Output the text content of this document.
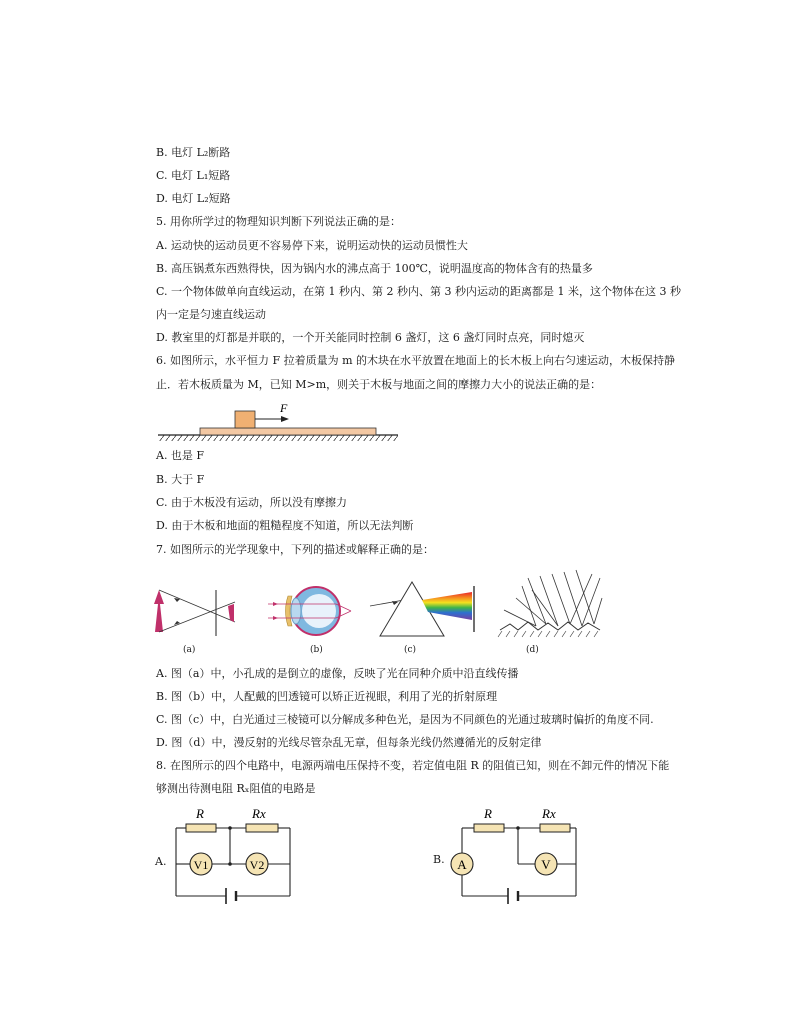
B. 电灯 L₂断路
C. 电灯 L₁短路
D. 电灯 L₂短路
5. 用你所学过的物理知识判断下列说法正确的是：
A. 运动快的运动员更不容易停下来，说明运动快的运动员惯性大
B. 高压锅煮东西熟得快，因为锅内水的沸点高于 100℃，说明温度高的物体含有的热量多
C. 一个物体做单向直线运动，在第 1 秒内、第 2 秒内、第 3 秒内运动的距离都是 1 米，这个物体在这 3 秒
内一定是匀速直线运动
D. 教室里的灯都是并联的，一个开关能同时控制 6 盏灯，这 6 盏灯同时点亮，同时熄灭
6. 如图所示，水平恒力 F 拉着质量为 m 的木块在水平放置在地面上的长木板上向右匀速运动，木板保持静
止．若木板质量为 M，已知 M>m，则关于木板与地面之间的摩擦力大小的说法正确的是：
F
A. 也是 F
B. 大于 F
C. 由于木板没有运动，所以没有摩擦力
D. 由于木板和地面的粗糙程度不知道，所以无法判断
7. 如图所示的光学现象中，下列的描述或解释正确的是：
(a)	(b)	(c)	(d)
A. 图（a）中，小孔成的是倒立的虚像，反映了光在同种介质中沿直线传播
B. 图（b）中，人配戴的凹透镜可以矫正近视眼，利用了光的折射原理
C. 图（c）中，白光通过三棱镜可以分解成多种色光，是因为不同颜色的光通过玻璃时偏折的角度不同.
D. 图（d）中，漫反射的光线尽管杂乱无章，但每条光线仍然遵循光的反射定律
8. 在图所示的四个电路中，电源两端电压保持不变，若定值电阻 R 的阻值已知，则在不卸元件的情况下能
够测出待测电阻 Rₓ阻值的电路是
A.
R	Rx
V1	V2	B.
R	Rx
A	V
